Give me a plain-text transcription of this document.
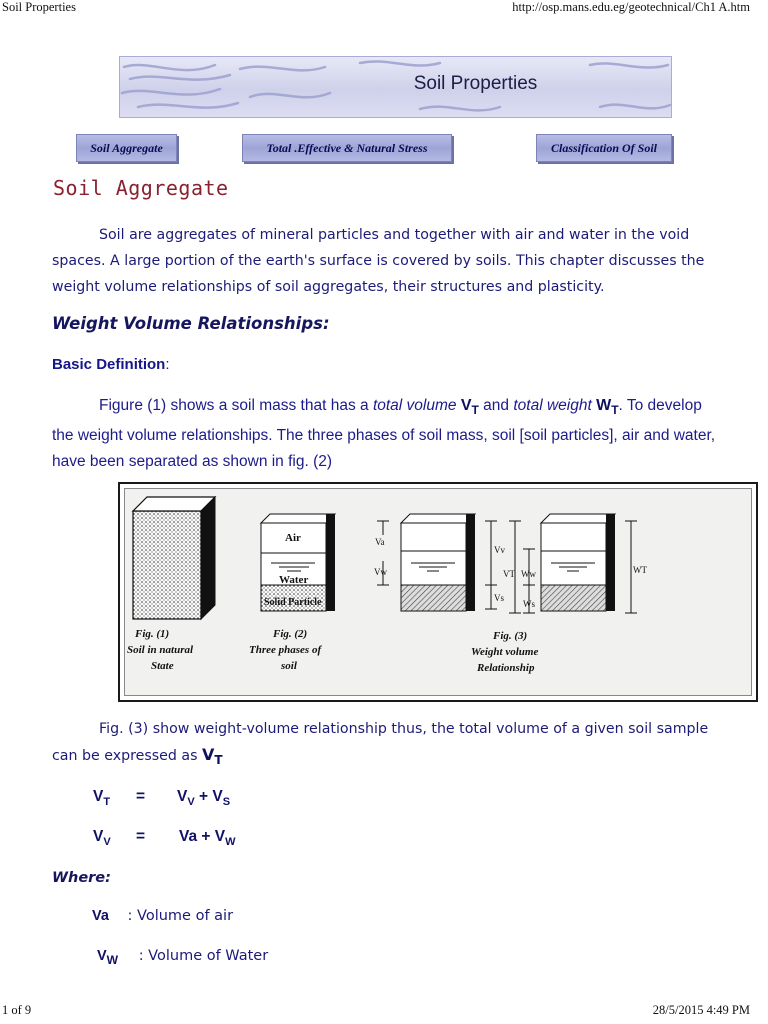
Soil Properties	http://osp.mans.edu.eg/geotechnical/Ch1 A.htm
Soil Properties
Soil Aggregate	Total .Effective & Natural Stress	Classification Of Soil
Soil Aggregate
Soil are aggregates of mineral particles and together with air and water in the void spaces. A large portion of the earth's surface is covered by soils. This chapter discusses the weight volume relationships of soil aggregates, their structures and plasticity.
Weight Volume Relationships:
Basic Definition:
Figure (1) shows a soil mass that has a total volume $V_T$ and total weight $W_T$. To develop the weight volume relationships. The three phases of soil mass, soil [soil particles], air and water, have been separated as shown in fig. (2)
Fig. (1)
Soil in natural
State
Air
Water
Solid Particle
Fig. (2)
Three phases of
soil
Va
Vw
Vv
Vs
VT Ww
Ws
WT
Fig. (3)
Weight volume
Relationship
Fig. (3) show weight-volume relationship thus, the total volume of a given soil sample can be expressed as $V_T$
$V_T = V_V + V_S$
$V_V = Va + V_W$
Where:
Va : Volume of air
$V_W$ : Volume of Water
1 of 9	28/5/2015 4:49 PM
